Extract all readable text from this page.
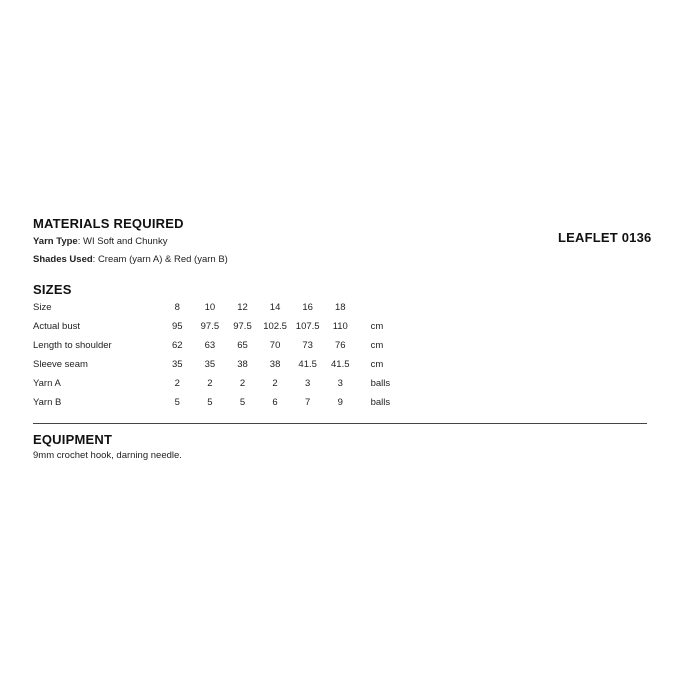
MATERIALS REQUIRED
LEAFLET 0136
Yarn Type: WI Soft and Chunky
Shades Used: Cream (yarn A) & Red (yarn B)
SIZES
Size	8	10	12	14	16	18	
Actual bust	95	97.5	97.5	102.5	107.5	110	cm
Length to shoulder	62	63	65	70	73	76	cm
Sleeve seam	35	35	38	38	41.5	41.5	cm
Yarn A	2	2	2	2	3	3	balls
Yarn B	5	5	5	6	7	9	balls
EQUIPMENT
9mm crochet hook, darning needle.
